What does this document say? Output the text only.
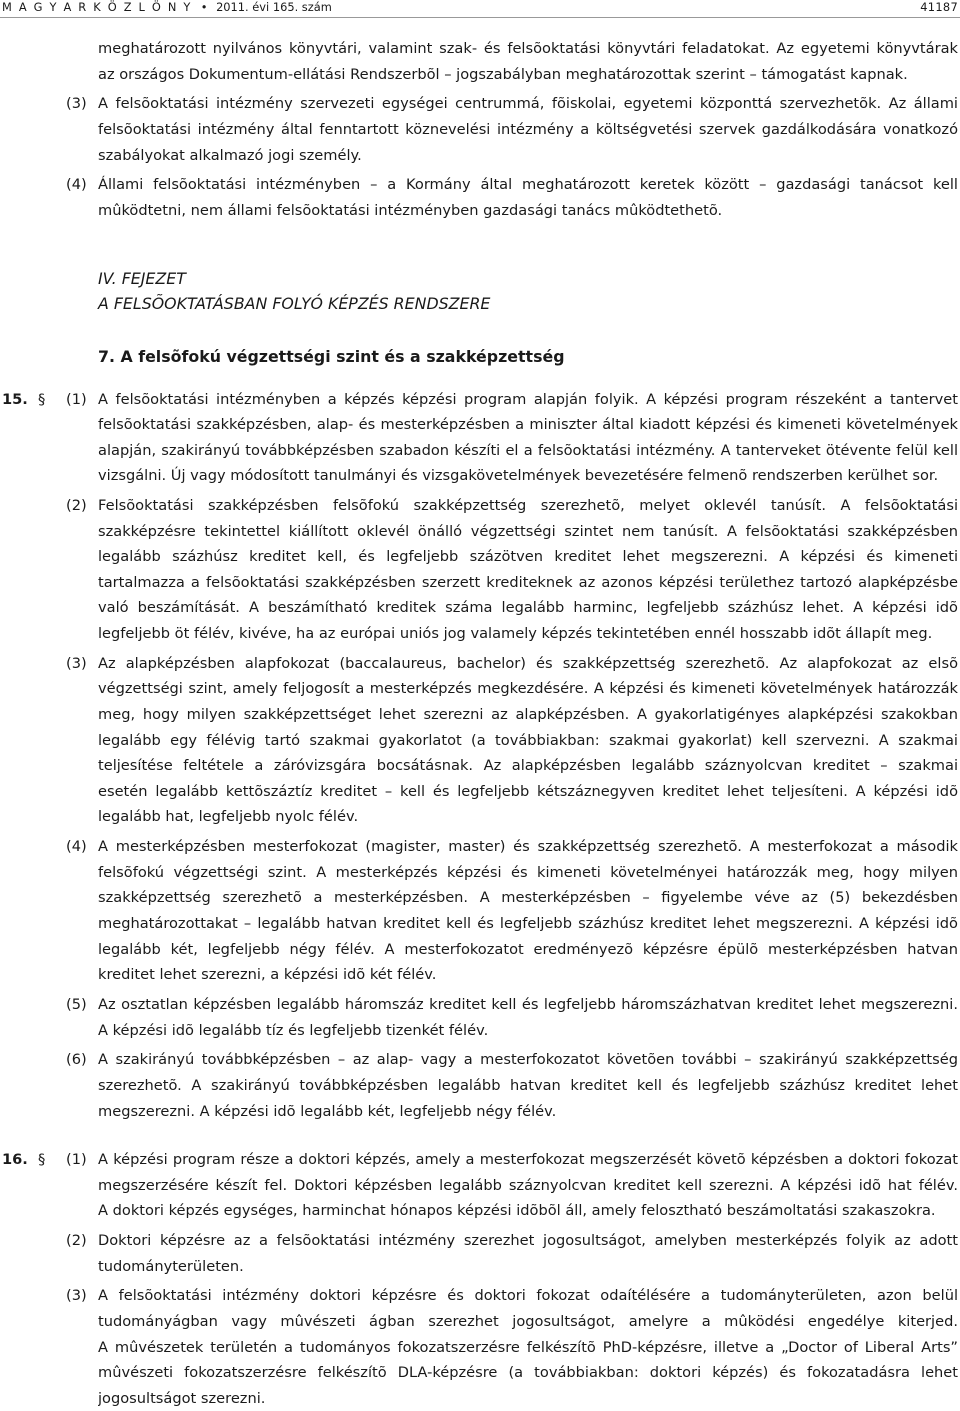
M A G Y A R K Ö Z L Ö N Y • 2011. évi 165. szám	41187
meghatározott nyilvános könyvtári, valamint szak- és felsõoktatási könyvtári feladatokat. Az egyetemi könyvtárak
az országos Dokumentum-ellátási Rendszerbõl – jogszabályban meghatározottak szerint – támogatást kapnak.
(3) A felsõoktatási intézmény szervezeti egységei centrummá, fõiskolai, egyetemi központtá szervezhetõk. Az állami
felsõoktatási intézmény által fenntartott köznevelési intézmény a költségvetési szervek gazdálkodására vonatkozó
szabályokat alkalmazó jogi személy.
(4) Állami felsõoktatási intézményben – a Kormány által meghatározott keretek között – gazdasági tanácsot kell
mûködtetni, nem állami felsõoktatási intézményben gazdasági tanács mûködtethetõ.
IV. FEJEZET
A FELSÕOKTATÁSBAN FOLYÓ KÉPZÉS RENDSZERE
7. A felsõfokú végzettségi szint és a szakképzettség
15. § (1) A felsõoktatási intézményben a képzés képzési program alapján folyik. A képzési program részeként a tantervet
felsõoktatási szakképzésben, alap- és mesterképzésben a miniszter által kiadott képzési és kimeneti követelmények
alapján, szakirányú továbbképzésben szabadon készíti el a felsõoktatási intézmény. A tanterveket ötévente felül kell
vizsgálni. Új vagy módosított tanulmányi és vizsgakövetelmények bevezetésére felmenõ rendszerben kerülhet sor.
(2) Felsõoktatási szakképzésben felsõfokú szakképzettség szerezhetõ, melyet oklevél tanúsít. A felsõoktatási
szakképzésre tekintettel kiállított oklevél önálló végzettségi szintet nem tanúsít. A felsõoktatási szakképzésben
legalább százhúsz kreditet kell, és legfeljebb százötven kreditet lehet megszerezni. A képzési és kimeneti
tartalmazza a felsõoktatási szakképzésben szerzett krediteknek az azonos képzési területhez tartozó alapképzésbe
való beszámítását. A beszámítható kreditek száma legalább harminc, legfeljebb százhúsz lehet. A képzési idõ
legfeljebb öt félév, kivéve, ha az európai uniós jog valamely képzés tekintetében ennél hosszabb idõt állapít meg.
(3) Az alapképzésben alapfokozat (baccalaureus, bachelor) és szakképzettség szerezhetõ. Az alapfokozat az elsõ
végzettségi szint, amely feljogosít a mesterképzés megkezdésére. A képzési és kimeneti követelmények határozzák
meg, hogy milyen szakképzettséget lehet szerezni az alapképzésben. A gyakorlatigényes alapképzési szakokban
legalább egy félévig tartó szakmai gyakorlatot (a továbbiakban: szakmai gyakorlat) kell szervezni. A szakmai
teljesítése feltétele a záróvizsgára bocsátásnak. Az alapképzésben legalább száznyolcvan kreditet – szakmai
esetén legalább kettõszáztíz kreditet – kell és legfeljebb kétszáznegyven kreditet lehet teljesíteni. A képzési idõ
legalább hat, legfeljebb nyolc félév.
(4) A mesterképzésben mesterfokozat (magister, master) és szakképzettség szerezhetõ. A mesterfokozat a második
felsõfokú végzettségi szint. A mesterképzés képzési és kimeneti követelményei határozzák meg, hogy milyen
szakképzettség szerezhetõ a mesterképzésben. A mesterképzésben – figyelembe véve az (5) bekezdésben
meghatározottakat – legalább hatvan kreditet kell és legfeljebb százhúsz kreditet lehet megszerezni. A képzési idõ
legalább két, legfeljebb négy félév. A mesterfokozatot eredményezõ képzésre épülõ mesterképzésben hatvan
kreditet lehet szerezni, a képzési idõ két félév.
(5) Az osztatlan képzésben legalább háromszáz kreditet kell és legfeljebb háromszázhatvan kreditet lehet megszerezni.
A képzési idõ legalább tíz és legfeljebb tizenkét félév.
(6) A szakirányú továbbképzésben – az alap- vagy a mesterfokozatot követõen további – szakirányú szakképzettség
szerezhetõ. A szakirányú továbbképzésben legalább hatvan kreditet kell és legfeljebb százhúsz kreditet lehet
megszerezni. A képzési idõ legalább két, legfeljebb négy félév.
16. § (1) A képzési program része a doktori képzés, amely a mesterfokozat megszerzését követõ képzésben a doktori fokozat
megszerzésére készít fel. Doktori képzésben legalább száznyolcvan kreditet kell szerezni. A képzési idõ hat félév.
A doktori képzés egységes, harminchat hónapos képzési idõbõl áll, amely felosztható beszámoltatási szakaszokra.
(2) Doktori képzésre az a felsõoktatási intézmény szerezhet jogosultságot, amelyben mesterképzés folyik az adott
tudományterületen.
(3) A felsõoktatási intézmény doktori képzésre és doktori fokozat odaítélésére a tudományterületen, azon belül
tudományágban vagy mûvészeti ágban szerezhet jogosultságot, amelyre a mûködési engedélye kiterjed.
A mûvészetek területén a tudományos fokozatszerzésre felkészítõ PhD-képzésre, illetve a „Doctor of Liberal Arts”
mûvészeti fokozatszerzésre felkészítõ DLA-képzésre (a továbbiakban: doktori képzés) és fokozatadásra lehet
jogosultságot szerezni.
